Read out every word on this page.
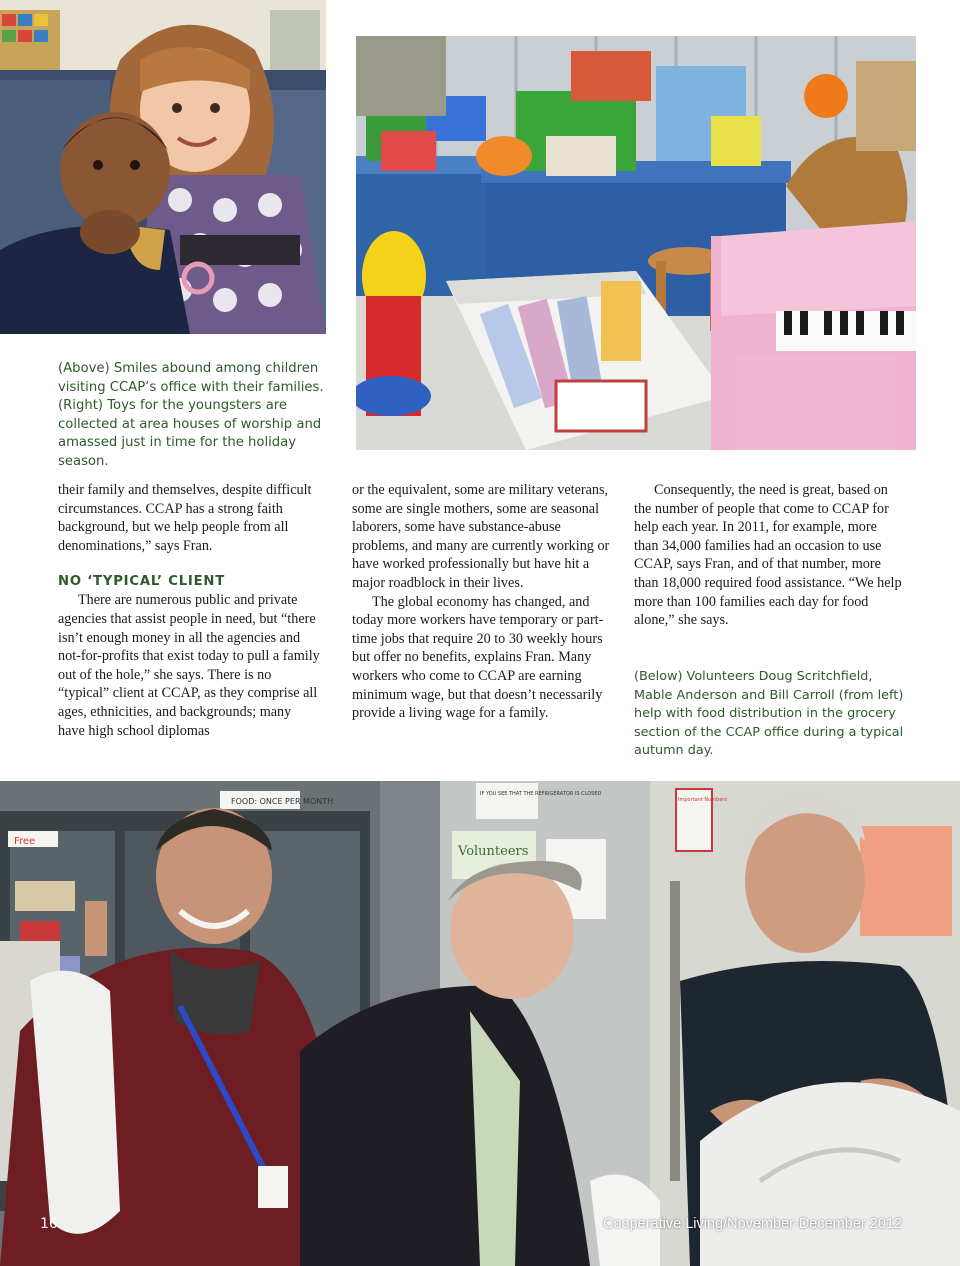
(Above) Smiles abound among children visiting CCAP’s office with their families. (Right) Toys for the youngsters are collected at area houses of worship and amassed just in time for the holiday season.

their family and themselves, despite difficult circumstances. CCAP has a strong faith background, but we help people from all denominations,” says Fran.

NO ‘TYPICAL’ CLIENT

There are numerous public and private agencies that assist people in need, but “there isn’t enough money in all the agencies and not-for-profits that exist today to pull a family out of the hole,” she says. There is no “typical” client at CCAP, as they comprise all ages, ethnicities, and backgrounds; many have high school diplomas

or the equivalent, some are military veterans, some are single mothers, some are seasonal laborers, some have substance-abuse problems, and many are currently working or have worked professionally but have hit a major roadblock in their lives.

The global economy has changed, and today more workers have temporary or part-time jobs that require 20 to 30 weekly hours but offer no benefits, explains Fran. Many workers who come to CCAP are earning minimum wage, but that doesn’t necessarily provide a living wage for a family.

Consequently, the need is great, based on the number of people that come to CCAP for help each year. In 2011, for example, more than 34,000 families had an occasion to use CCAP, says Fran, and of that number, more than 18,000 required food assistance. “We help more than 100 families each day for food alone,” she says.

(Below) Volunteers Doug Scritchfield, Mable Anderson and Bill Carroll (from left) help with food distribution in the grocery section of the CCAP office during a typical autumn day.
FOOD: ONCE PER MONTH
Free
IF YOU SEE THAT THE REFRIGERATOR IS CLOSED
Volunteers
Important Numbers
16	Cooperative Living/November-December 2012
